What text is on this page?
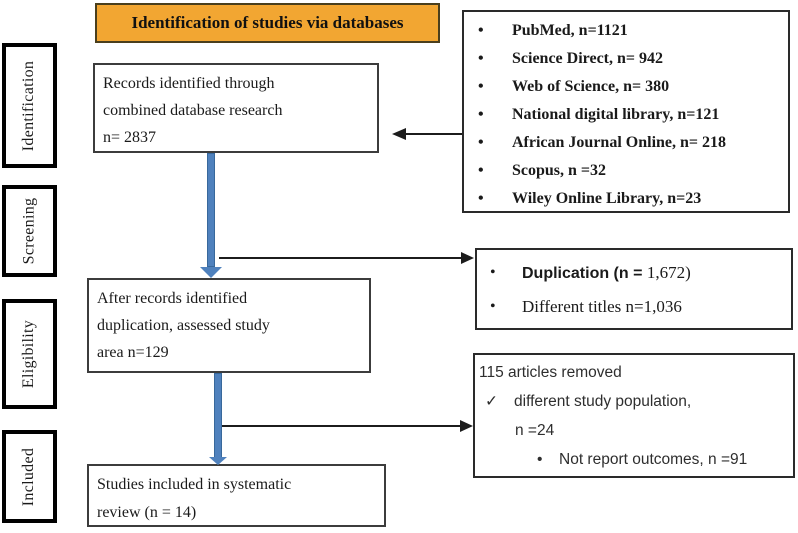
Identification
Screening
Eligibility
Included
Identification of studies via databases
Records identified through
combined database research
n= 2837
After records identified
duplication, assessed study
area n=129
Studies included in systematic
review (n = 14)
•	PubMed, n=1121
•	Science Direct, n= 942
•	Web of Science, n= 380
•	National digital library, n=121
•	African Journal Online, n= 218
•	Scopus, n =32
•	Wiley Online Library, n=23
•	Duplication (n = 1,672)
•	Different titles n=1,036
115 articles removed
✓	different study population,
n =24
•	Not report outcomes, n =91
